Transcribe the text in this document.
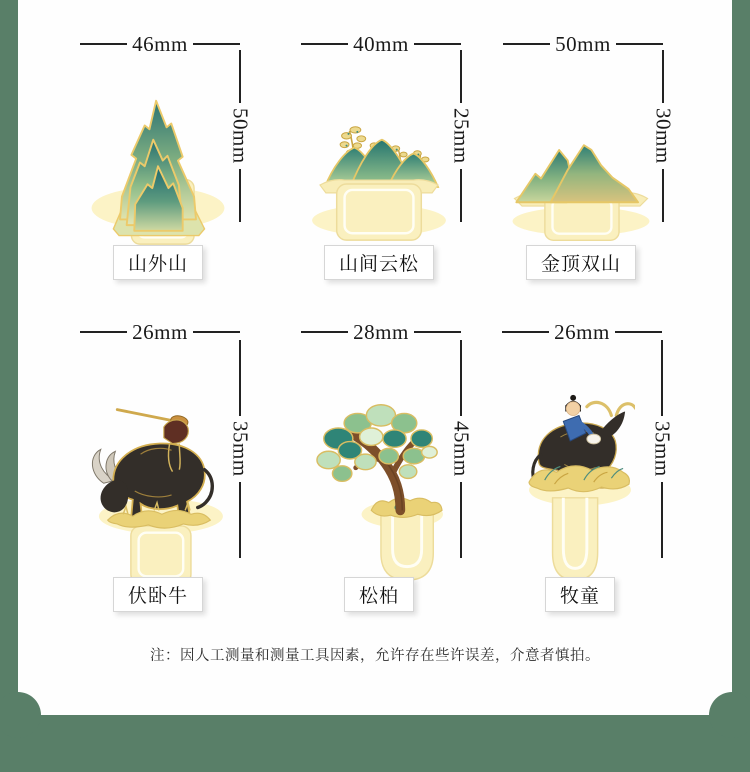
46mm
50mm
山外山
40mm
25mm
山间云松
50mm
30mm
金顶双山
26mm
35mm
伏卧牛
28mm
45mm
松柏
26mm
35mm
牧童
注：因人工测量和测量工具因素，允许存在些许误差，介意者慎拍。
